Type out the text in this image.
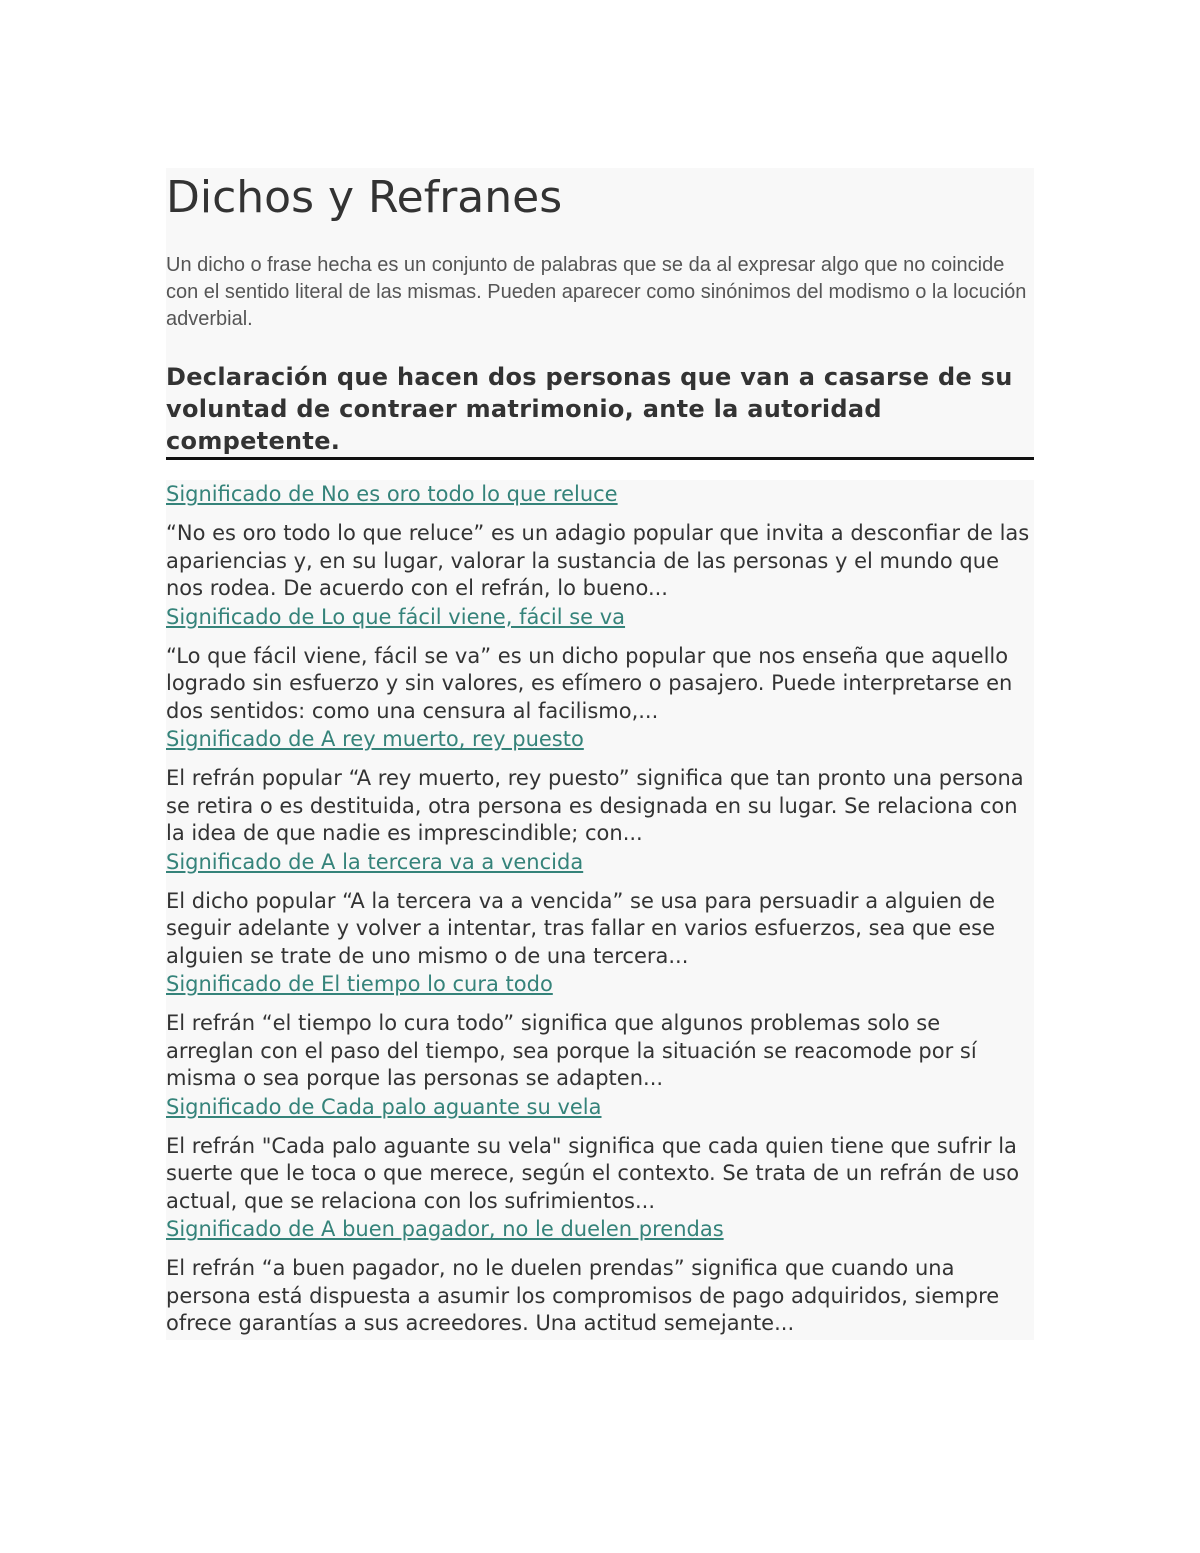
Dichos y Refranes

Un dicho o frase hecha es un conjunto de palabras que se da al expresar algo que no coincide con el sentido literal de las mismas. Pueden aparecer como sinónimos del modismo o la locución adverbial.

Declaración que hacen dos personas que van a casarse de su voluntad de contraer matrimonio, ante la autoridad competente.
Significado de No es oro todo lo que reluce

“No es oro todo lo que reluce” es un adagio popular que invita a desconfiar de las apariencias y, en su lugar, valorar la sustancia de las personas y el mundo que nos rodea. De acuerdo con el refrán, lo bueno...

Significado de Lo que fácil viene, fácil se va

“Lo que fácil viene, fácil se va” es un dicho popular que nos enseña que aquello logrado sin esfuerzo y sin valores, es efímero o pasajero. Puede interpretarse en dos sentidos: como una censura al facilismo,...

Significado de A rey muerto, rey puesto

El refrán popular “A rey muerto, rey puesto” significa que tan pronto una persona se retira o es destituida, otra persona es designada en su lugar. Se relaciona con la idea de que nadie es imprescindible; con...

Significado de A la tercera va a vencida

El dicho popular “A la tercera va a vencida” se usa para persuadir a alguien de seguir adelante y volver a intentar, tras fallar en varios esfuerzos, sea que ese alguien se trate de uno mismo o de una tercera...

Significado de El tiempo lo cura todo

El refrán “el tiempo lo cura todo” significa que algunos problemas solo se arreglan con el paso del tiempo, sea porque la situación se reacomode por sí misma o sea porque las personas se adapten...

Significado de Cada palo aguante su vela

El refrán "Cada palo aguante su vela" significa que cada quien tiene que sufrir la suerte que le toca o que merece, según el contexto. Se trata de un refrán de uso actual, que se relaciona con los sufrimientos...

Significado de A buen pagador, no le duelen prendas

El refrán “a buen pagador, no le duelen prendas” significa que cuando una persona está dispuesta a asumir los compromisos de pago adquiridos, siempre ofrece garantías a sus acreedores. Una actitud semejante...
